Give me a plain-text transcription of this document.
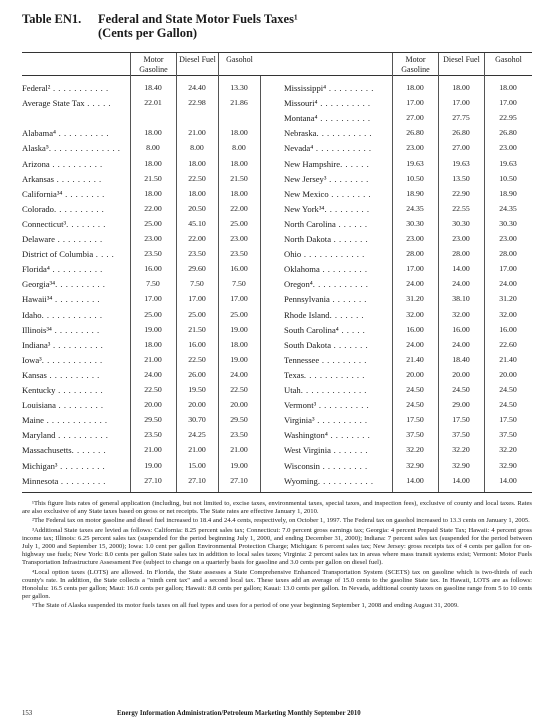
Table EN1. Federal and State Motor Fuels Taxes¹
(Cents per Gallon)
Motor Gasoline
Diesel Fuel	Gasohol	Motor Gasoline
Diesel Fuel	Gasohol
Federal² . . . . . . . . . . .	18.40	24.40	13.30
Average State Tax . . . . .	22.01	22.98	21.86
Alabama⁴ . . . . . . . . . .	18.00	21.00	18.00
Alaska⁵. . . . . . . . . . . . . .	8.00	8.00	8.00
Arizona . . . . . . . . . .	18.00	18.00	18.00
Arkansas . . . . . . . . .	21.50	22.50	21.50
California³⁴ . . . . . . . .	18.00	18.00	18.00
Colorado. . . . . . . . . .	22.00	20.50	22.00
Connecticut³. . . . . . . .	25.00	45.10	25.00
Delaware . . . . . . . . .	23.00	22.00	23.00
District of Columbia . . . .	23.50	23.50	23.50
Florida⁴ . . . . . . . . . .	16.00	29.60	16.00
Georgia³⁴. . . . . . . . . .	7.50	7.50	7.50
Hawaii³⁴ . . . . . . . . .	17.00	17.00	17.00
Idaho. . . . . . . . . . . .	25.00	25.00	25.00
Illinois³⁴ . . . . . . . . .	19.00	21.50	19.00
Indiana³ . . . . . . . . . .	18.00	16.00	18.00
Iowa³. . . . . . . . . . . .	21.00	22.50	19.00
Kansas . . . . . . . . . .	24.00	26.00	24.00
Kentucky . . . . . . . . .	22.50	19.50	22.50
Louisiana . . . . . . . . .	20.00	20.00	20.00
Maine . . . . . . . . . . . .	29.50	30.70	29.50
Maryland . . . . . . . . . .	23.50	24.25	23.50
Massachusetts. . . . . . .	21.00	21.00	21.00
Michigan³ . . . . . . . . .	19.00	15.00	19.00
Minnesota . . . . . . . . .	27.10	27.10	27.10
Mississippi⁴ . . . . . . . . .	18.00	18.00	18.00
Missouri⁴ . . . . . . . . . .	17.00	17.00	17.00
Montana⁴ . . . . . . . . . .	27.00	27.75	22.95
Nebraska. . . . . . . . . . .	26.80	26.80	26.80
Nevada⁴ . . . . . . . . . . .	23.00	27.00	23.00
New Hampshire. . . . . .	19.63	19.63	19.63
New Jersey³ . . . . . . . .	10.50	13.50	10.50
New Mexico . . . . . . . .	18.90	22.90	18.90
New York³⁴. . . . . . . . .	24.35	22.55	24.35
North Carolina . . . . . .	30.30	30.30	30.30
North Dakota . . . . . . .	23.00	23.00	23.00
Ohio . . . . . . . . . . . .	28.00	28.00	28.00
Oklahoma . . . . . . . . .	17.00	14.00	17.00
Oregon⁴. . . . . . . . . . .	24.00	24.00	24.00
Pennsylvania . . . . . . .	31.20	38.10	31.20
Rhode Island. . . . . . .	32.00	32.00	32.00
South Carolina⁴ . . . . .	16.00	16.00	16.00
South Dakota . . . . . . .	24.00	24.00	22.60
Tennessee . . . . . . . . .	21.40	18.40	21.40
Texas. . . . . . . . . . . .	20.00	20.00	20.00
Utah. . . . . . . . . . . . .	24.50	24.50	24.50
Vermont³ . . . . . . . . . .	24.50	29.00	24.50
Virginia³ . . . . . . . . . .	17.50	17.50	17.50
Washington⁴ . . . . . . . .	37.50	37.50	37.50
West Virginia . . . . . . .	32.20	32.20	32.20
Wisconsin . . . . . . . . .	32.90	32.90	32.90
Wyoming. . . . . . . . . . .	14.00	14.00	14.00

¹This figure lists rates of general application (including, but not limited to, excise taxes, environmental taxes, special taxes, and inspection fees), exclusive of county and local taxes. Rates are also exclusive of any State taxes based on gross or net receipts. The State rates are effective January 1, 2010.

²The Federal tax on motor gasoline and diesel fuel increased to 18.4 and 24.4 cents, respectively, on October 1, 1997. The Federal tax on gasohol increased to 13.3 cents on January 1, 2005.

³Additional State taxes are levied as follows: California: 8.25 percent sales tax; Connecticut: 7.0 percent gross earnings tax; Georgia: 4 percent Prepaid State Tax; Hawaii: 4 percent gross income tax; Illinois: 6.25 percent sales tax (suspended for the period beginning July 1, 2000, and ending December 31, 2000); Indiana: 7 percent sales tax (suspended for the period between July 1, 2000 and September 15, 2000); Iowa: 1.0 cent per gallon Environmental Protection Charge; Michigan: 6 percent sales tax; New Jersey: gross receipts tax of 4 cents per gallon for on-highway use fuels; New York: 8.0 cents per gallon State sales tax in addition to local sales taxes; Virginia: 2 percent sales tax in areas where mass transit systems exist; Vermont: Motor Fuels Transportation Infrastructure Assessment Fee (subject to change on a quarterly basis for gasoline and 3.0 cents per gallon on diesel fuel).

⁴Local option taxes (LOTS) are allowed. In Florida, the State assesses a State Comprehensive Enhanced Transportation System (SCETS) tax on gasoline which is two-thirds of each county's rate. In addition, the State collects a "ninth cent tax" and a second local tax. These taxes add an average of 15.0 cents to the gasoline State tax. In Hawaii, LOTS are as follows: Honolulu: 16.5 cents per gallon; Maui: 16.0 cents per gallon; Hawaii: 8.8 cents per gallon; Kauai: 13.0 cents per gallon. In Nevada, additional county taxes on gasoline range from 5 to 10 cents per gallon.

⁵The State of Alaska suspended its motor fuels taxes on all fuel types and uses for a period of one year beginning September 1, 2008 and ending August 31, 2009.

153	Energy Information Administration/Petroleum Marketing Monthly September 2010
